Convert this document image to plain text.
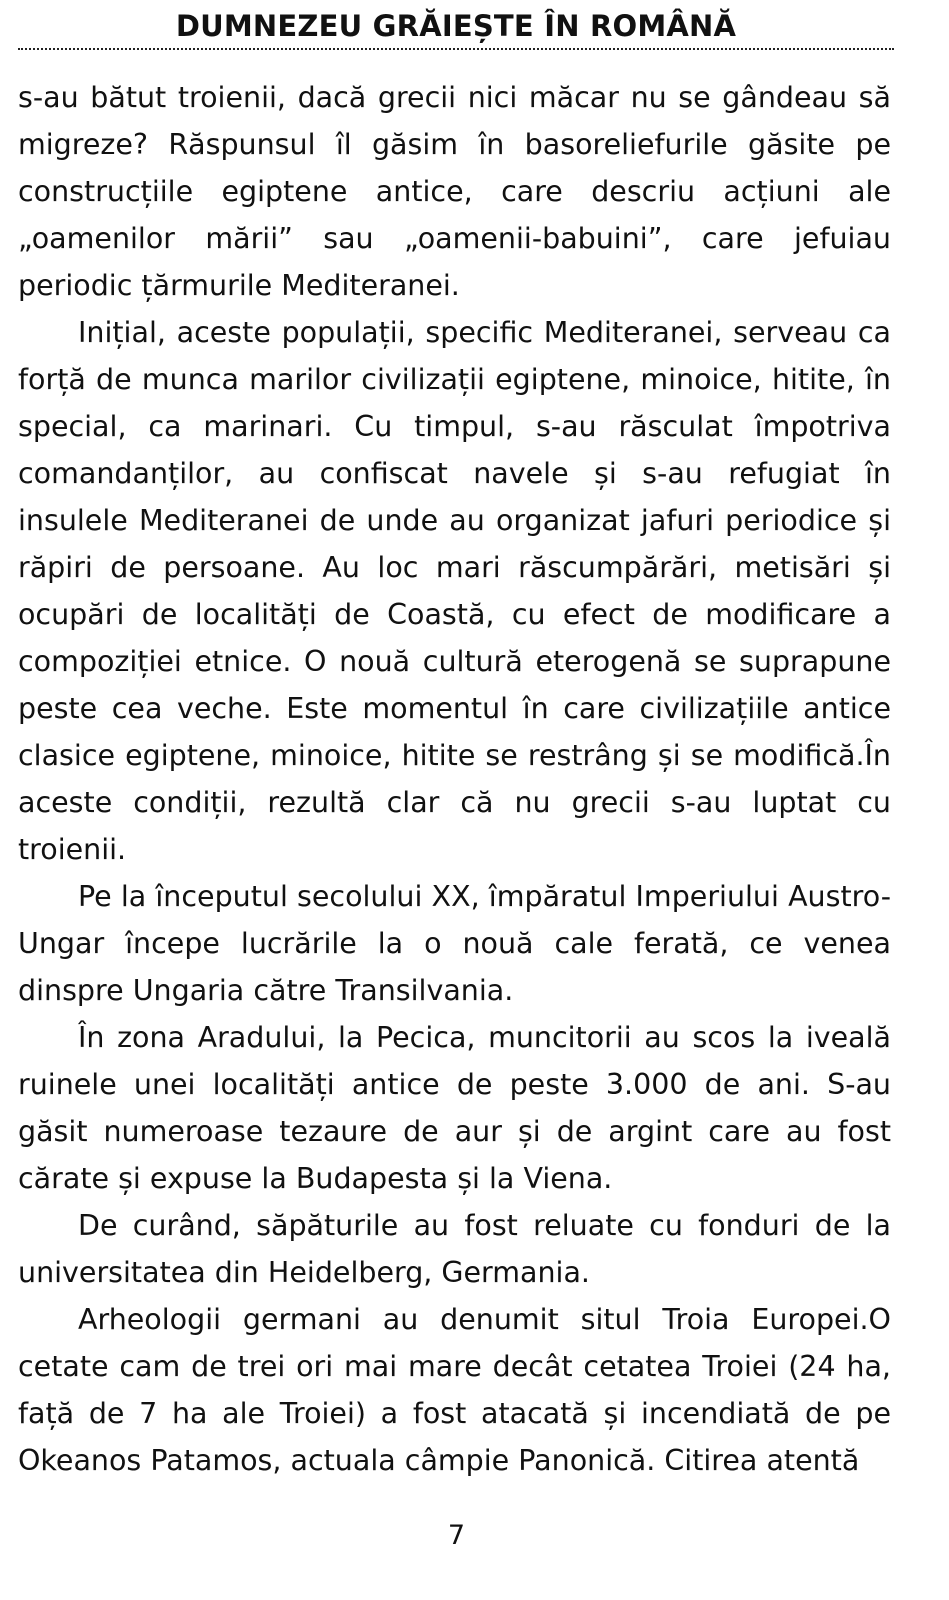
DUMNEZEU GRĂIEȘTE ÎN ROMÂNĂ

s-au bătut troienii, dacă grecii nici măcar nu se gândeau să migreze? Răspunsul îl găsim în basoreliefurile găsite pe construcțiile egiptene antice, care descriu acțiuni ale „oamenilor mării” sau „oamenii-babuini”, care jefuiau periodic țărmurile Mediteranei.

Inițial, aceste populații, specific Mediteranei, serveau ca forță de munca marilor civilizații egiptene, minoice, hitite, în special, ca marinari. Cu timpul, s-au răsculat împotriva comandanților, au confiscat navele și s-au refugiat în insulele Mediteranei de unde au organizat jafuri periodice și răpiri de persoane. Au loc mari răscumpărări, metisări și ocupări de localități de Coastă, cu efect de modificare a compoziției etnice. O nouă cultură eterogenă se suprapune peste cea veche. Este momentul în care civilizațiile antice clasice egiptene, minoice, hitite se restrâng și se modifică.În aceste condiții, rezultă clar că nu grecii s-au luptat cu troienii.

Pe la începutul secolului XX, împăratul Imperiului Austro-Ungar începe lucrările la o nouă cale ferată, ce venea dinspre Ungaria către Transilvania.

În zona Aradului, la Pecica, muncitorii au scos la iveală ruinele unei localități antice de peste 3.000 de ani. S-au găsit numeroase tezaure de aur și de argint care au fost cărate și expuse la Budapesta și la Viena.

De curând, săpăturile au fost reluate cu fonduri de la universitatea din Heidelberg, Germania.

Arheologii germani au denumit situl Troia Europei.O cetate cam de trei ori mai mare decât cetatea Troiei (24 ha, față de 7 ha ale Troiei) a fost atacată și incendiată de pe Okeanos Patamos, actuala câmpie Panonică. Citirea atentă

7
